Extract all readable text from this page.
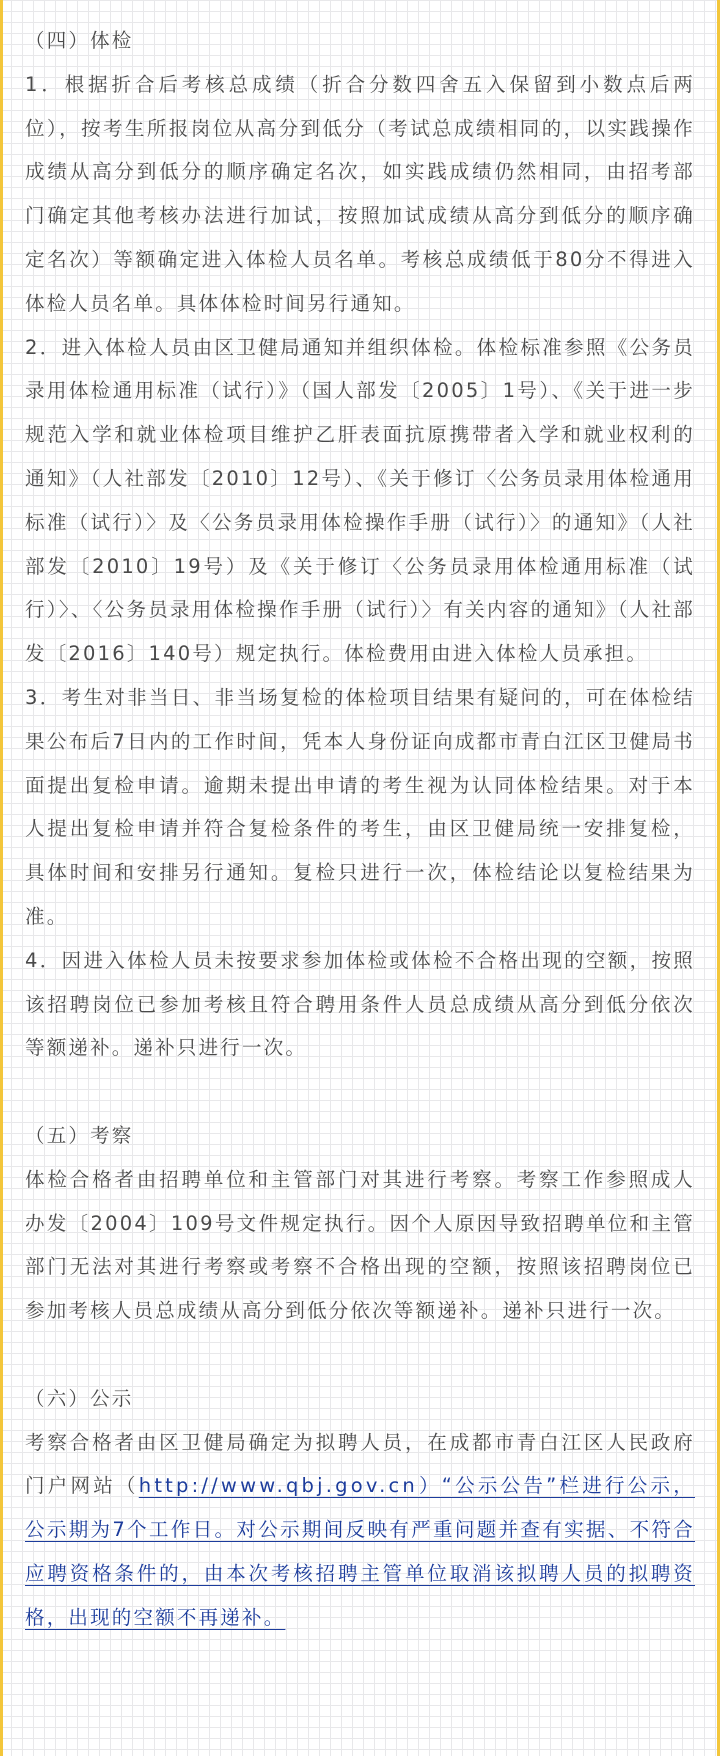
（四）体检

1．根据折合后考核总成绩（折合分数四舍五入保留到小数点后两位），按考生所报岗位从高分到低分（考试总成绩相同的，以实践操作成绩从高分到低分的顺序确定名次，如实践成绩仍然相同，由招考部门确定其他考核办法进行加试，按照加试成绩从高分到低分的顺序确定名次）等额确定进入体检人员名单。考核总成绩低于80分不得进入体检人员名单。具体体检时间另行通知。

2．进入体检人员由区卫健局通知并组织体检。体检标准参照《公务员录用体检通用标准（试行）》（国人部发〔2005〕1号）、《关于进一步规范入学和就业体检项目维护乙肝表面抗原携带者入学和就业权利的通知》（人社部发〔2010〕12号）、《关于修订〈公务员录用体检通用标准（试行）〉及〈公务员录用体检操作手册（试行）〉的通知》（人社部发〔2010〕19号）及《关于修订〈公务员录用体检通用标准（试行）〉、〈公务员录用体检操作手册（试行）〉有关内容的通知》（人社部发〔2016〕140号）规定执行。体检费用由进入体检人员承担。

3．考生对非当日、非当场复检的体检项目结果有疑问的，可在体检结果公布后7日内的工作时间，凭本人身份证向成都市青白江区卫健局书面提出复检申请。逾期未提出申请的考生视为认同体检结果。对于本人提出复检申请并符合复检条件的考生，由区卫健局统一安排复检，具体时间和安排另行通知。复检只进行一次，体检结论以复检结果为准。

4．因进入体检人员未按要求参加体检或体检不合格出现的空额，按照该招聘岗位已参加考核且符合聘用条件人员总成绩从高分到低分依次等额递补。递补只进行一次。

（五）考察

体检合格者由招聘单位和主管部门对其进行考察。考察工作参照成人办发〔2004〕109号文件规定执行。因个人原因导致招聘单位和主管部门无法对其进行考察或考察不合格出现的空额，按照该招聘岗位已参加考核人员总成绩从高分到低分依次等额递补。递补只进行一次。

（六）公示

考察合格者由区卫健局确定为拟聘人员，在成都市青白江区人民政府门户网站（http://www.qbj.gov.cn）“公示公告”栏进行公示，公示期为7个工作日。对公示期间反映有严重问题并查有实据、不符合应聘资格条件的，由本次考核招聘主管单位取消该拟聘人员的拟聘资格，出现的空额不再递补。
